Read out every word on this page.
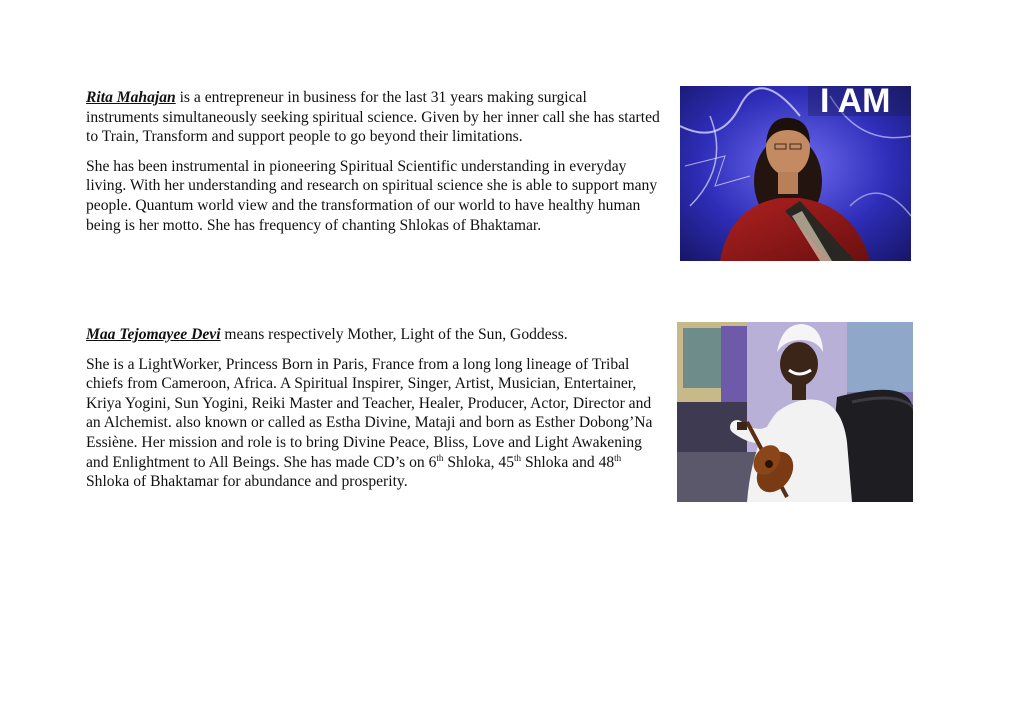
Rita Mahajan is a entrepreneur in business for the last 31 years making surgical instruments simultaneously seeking spiritual science. Given by her inner call she has started to Train, Transform and support people to go beyond their limitations.

She has been instrumental in pioneering Spiritual Scientific understanding in everyday living. With her understanding and research on spiritual science she is able to support many people. Quantum world view and the transformation of our world to have healthy human being is her motto. She has frequency of chanting Shlokas of Bhaktamar.

I AM

Maa Tejomayee Devi means respectively Mother, Light of the Sun, Goddess.

She is a LightWorker, Princess Born in Paris, France from a long long lineage of Tribal chiefs from Cameroon, Africa. A Spiritual Inspirer, Singer, Artist, Musician, Entertainer, Kriya Yogini, Sun Yogini, Reiki Master and Teacher, Healer, Producer, Actor, Director and an Alchemist. also known or called as Estha Divine, Mataji and born as Esther Dobong’Na Essiène. Her mission and role is to bring Divine Peace, Bliss, Love and Light Awakening and Enlightment to All Beings. She has made CD’s on 6th Shloka, 45th Shloka and 48th Shloka of Bhaktamar for abundance and prosperity.
